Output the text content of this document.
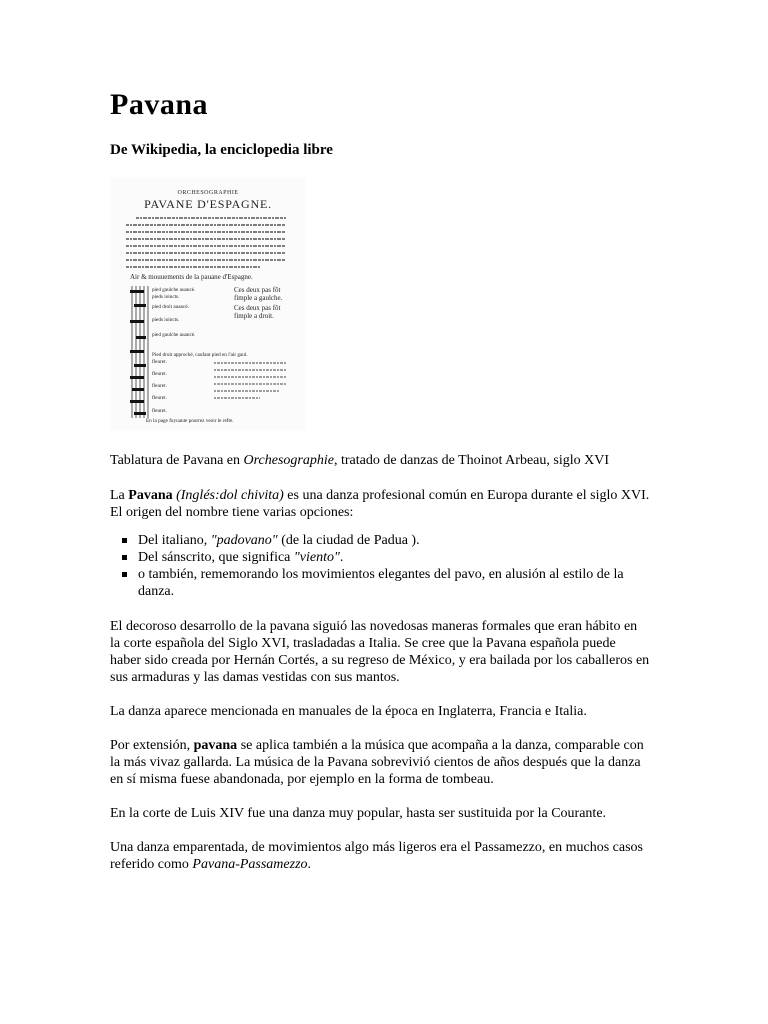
Pavana
De Wikipedia, la enciclopedia libre
ORCHESOGRAPHIE
PAVANE D'ESPAGNE.
Air & mouuements de la pauane d'Espagne.
pied gaulche auancé.
pieds ioincts.
pied droit auancé.
pieds ioincts.
pied gaulche auancé.
Pied droit approché, caufant pied en l'air gaul.
fleuret.
fleuret.
fleuret.
fleuret.
fleuret.
Ces deux pas fõt
fimple a gaulche.
Ces deux pas fõt
fimple a droit.
En la page fuyuante pourrez veoir le refte.

Tablatura de Pavana en Orchesographie, tratado de danzas de Thoinot Arbeau, siglo XVI

La Pavana (Inglés:dol chivita) es una danza profesional común en Europa durante el siglo XVI. El origen del nombre tiene varias opciones:

Del italiano, "padovano" (de la ciudad de Padua ).
Del sánscrito, que significa "viento".
o también, rememorando los movimientos elegantes del pavo, en alusión al estilo de la danza.

El decoroso desarrollo de la pavana siguió las novedosas maneras formales que eran hábito en la corte española del Siglo XVI, trasladadas a Italia. Se cree que la Pavana española puede haber sido creada por Hernán Cortés, a su regreso de México, y era bailada por los caballeros en sus armaduras y las damas vestidas con sus mantos.

La danza aparece mencionada en manuales de la época en Inglaterra, Francia e Italia.

Por extensión, pavana se aplica también a la música que acompaña a la danza, comparable con la más vivaz gallarda. La música de la Pavana sobrevivió cientos de años después que la danza en sí misma fuese abandonada, por ejemplo en la forma de tombeau.

En la corte de Luis XIV fue una danza muy popular, hasta ser sustituida por la Courante.

Una danza emparentada, de movimientos algo más ligeros era el Passamezzo, en muchos casos referido como Pavana-Passamezzo.
